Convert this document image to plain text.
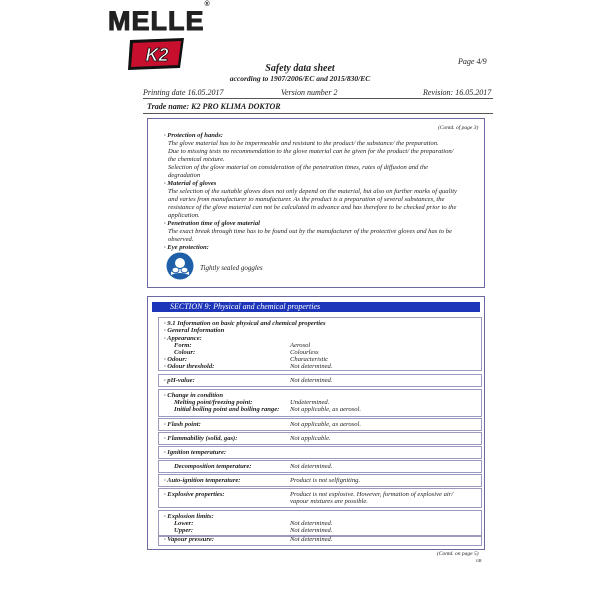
MELLE®
K2	Page 4/9
Safety data sheet
according to 1907/2006/EC and 2015/830/EC
Printing date 16.05.2017	Version number 2	Revision: 16.05.2017
Trade name: K2 PRO KLIMA DOKTOR
(Contd. of page 3)
· Protection of hands:
The glove material has to be impermeable and resistant to the product/ the substance/ the preparation.
Due to missing tests no recommendation to the glove material can be given for the product/ the preparation/
the chemical mixture.
Selection of the glove material on consideration of the penetration times, rates of diffusion and the
degradation
· Material of gloves
The selection of the suitable gloves does not only depend on the material, but also on further marks of quality
and varies from manufacturer to manufacturer. As the product is a preparation of several substances, the
resistance of the glove material can not be calculated in advance and has therefore to be checked prior to the
application.
· Penetration time of glove material
The exact break through time has to be found out by the manufacturer of the protective gloves and has to be
observed.
· Eye protection:
Tightly sealed goggles
SECTION 9: Physical and chemical properties
· 9.1 Information on basic physical and chemical properties
· General Information
· Appearance:
Form:	Aerosol
Colour:	Colourless
· Odour:	Characteristic
· Odour threshold:	Not determined.
· pH-value:	Not determined.
· Change in condition
Melting point/freezing point:	Undetermined.
Initial boiling point and boiling range: Not applicable, as aerosol.
· Flash point:	Not applicable, as aerosol.
· Flammability (solid, gas):	Not applicable.
· Ignition temperature:
Decomposition temperature:	Not determined.
· Auto-ignition temperature:	Product is not selfigniting.
· Explosive properties:	Product is not explosive. However, formation of explosive air/
vapour mixtures are possible.
· Explosion limits:
Lower:	Not determined.
Upper:	Not determined.
· Vapour pressure:	Not determined.
(Contd. on page 5)
GB
